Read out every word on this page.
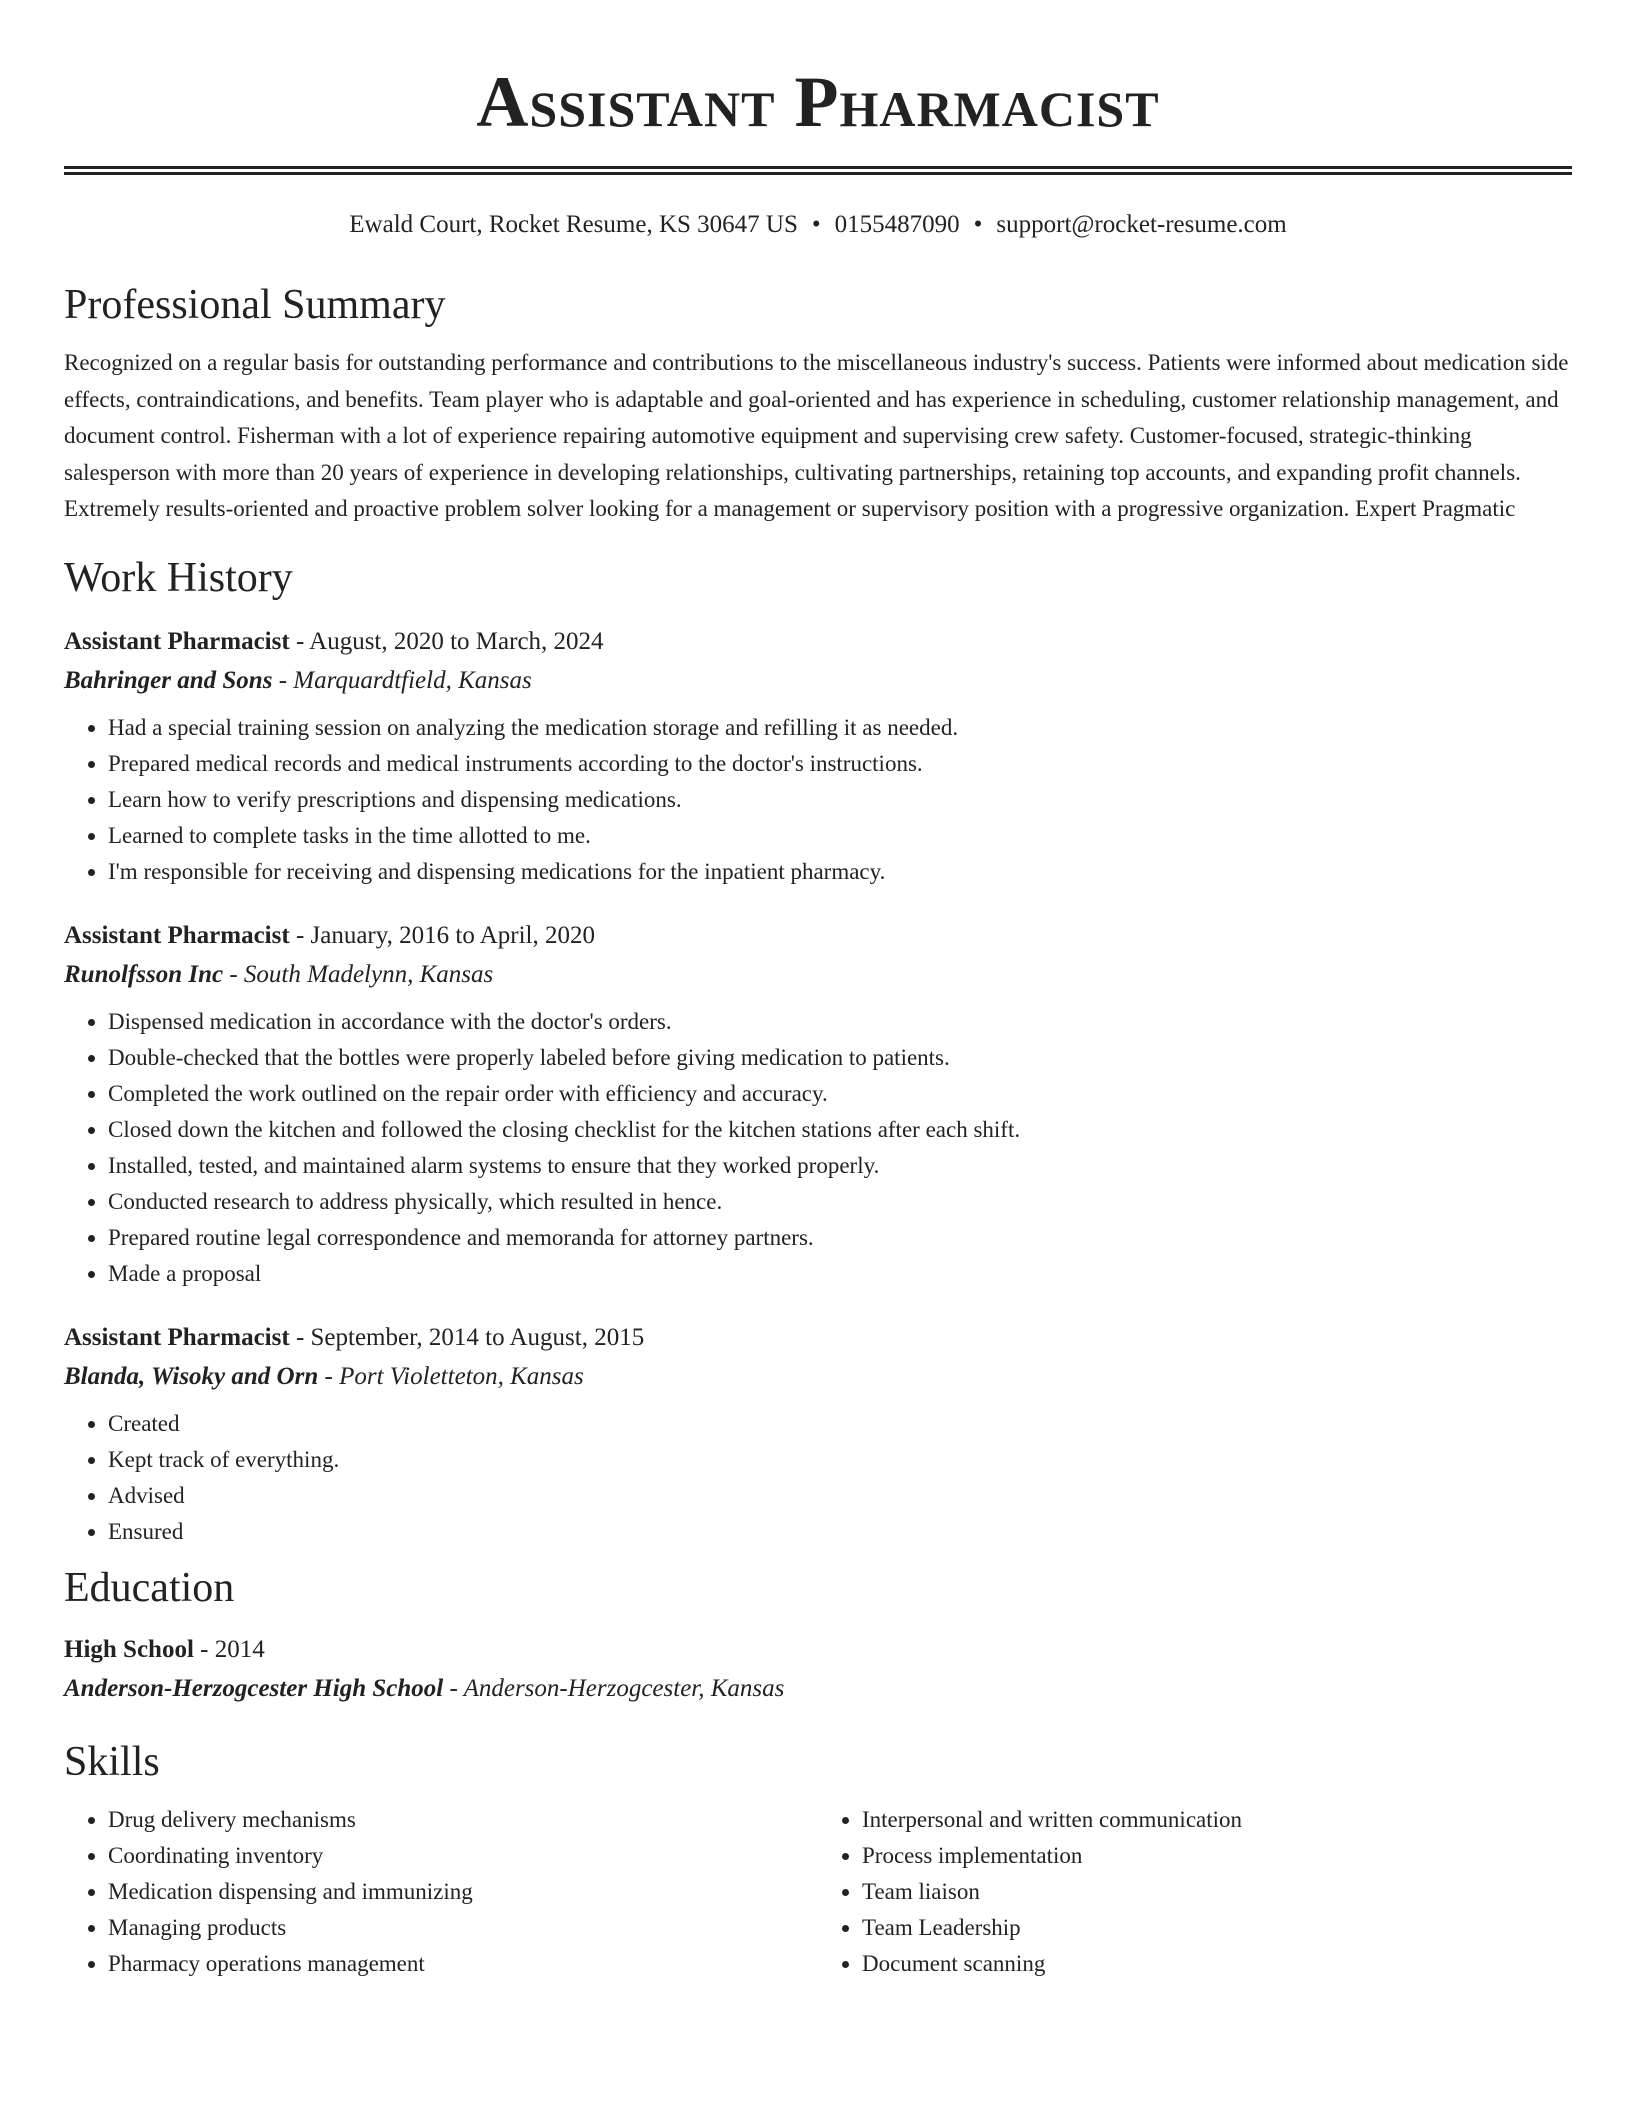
Assistant Pharmacist
Ewald Court, Rocket Resume, KS 30647 US • 0155487090 • support@rocket-resume.com
Professional Summary
Recognized on a regular basis for outstanding performance and contributions to the miscellaneous industry's success. Patients were informed about medication side effects, contraindications, and benefits. Team player who is adaptable and goal-oriented and has experience in scheduling, customer relationship management, and document control. Fisherman with a lot of experience repairing automotive equipment and supervising crew safety. Customer-focused, strategic-thinking salesperson with more than 20 years of experience in developing relationships, cultivating partnerships, retaining top accounts, and expanding profit channels. Extremely results-oriented and proactive problem solver looking for a management or supervisory position with a progressive organization. Expert Pragmatic
Work History
Assistant Pharmacist - August, 2020 to March, 2024
Bahringer and Sons - Marquardtfield, Kansas
• Had a special training session on analyzing the medication storage and refilling it as needed.
• Prepared medical records and medical instruments according to the doctor's instructions.
• Learn how to verify prescriptions and dispensing medications.
• Learned to complete tasks in the time allotted to me.
• I'm responsible for receiving and dispensing medications for the inpatient pharmacy.
Assistant Pharmacist - January, 2016 to April, 2020
Runolfsson Inc - South Madelynn, Kansas
• Dispensed medication in accordance with the doctor's orders.
• Double-checked that the bottles were properly labeled before giving medication to patients.
• Completed the work outlined on the repair order with efficiency and accuracy.
• Closed down the kitchen and followed the closing checklist for the kitchen stations after each shift.
• Installed, tested, and maintained alarm systems to ensure that they worked properly.
• Conducted research to address physically, which resulted in hence.
• Prepared routine legal correspondence and memoranda for attorney partners.
• Made a proposal
Assistant Pharmacist - September, 2014 to August, 2015
Blanda, Wisoky and Orn - Port Violetteton, Kansas
• Created
• Kept track of everything.
• Advised
• Ensured
Education
High School - 2014
Anderson-Herzogcester High School - Anderson-Herzogcester, Kansas
Skills
• Drug delivery mechanisms
• Coordinating inventory
• Medication dispensing and immunizing
• Managing products
• Pharmacy operations management
• Interpersonal and written communication
• Process implementation
• Team liaison
• Team Leadership
• Document scanning
